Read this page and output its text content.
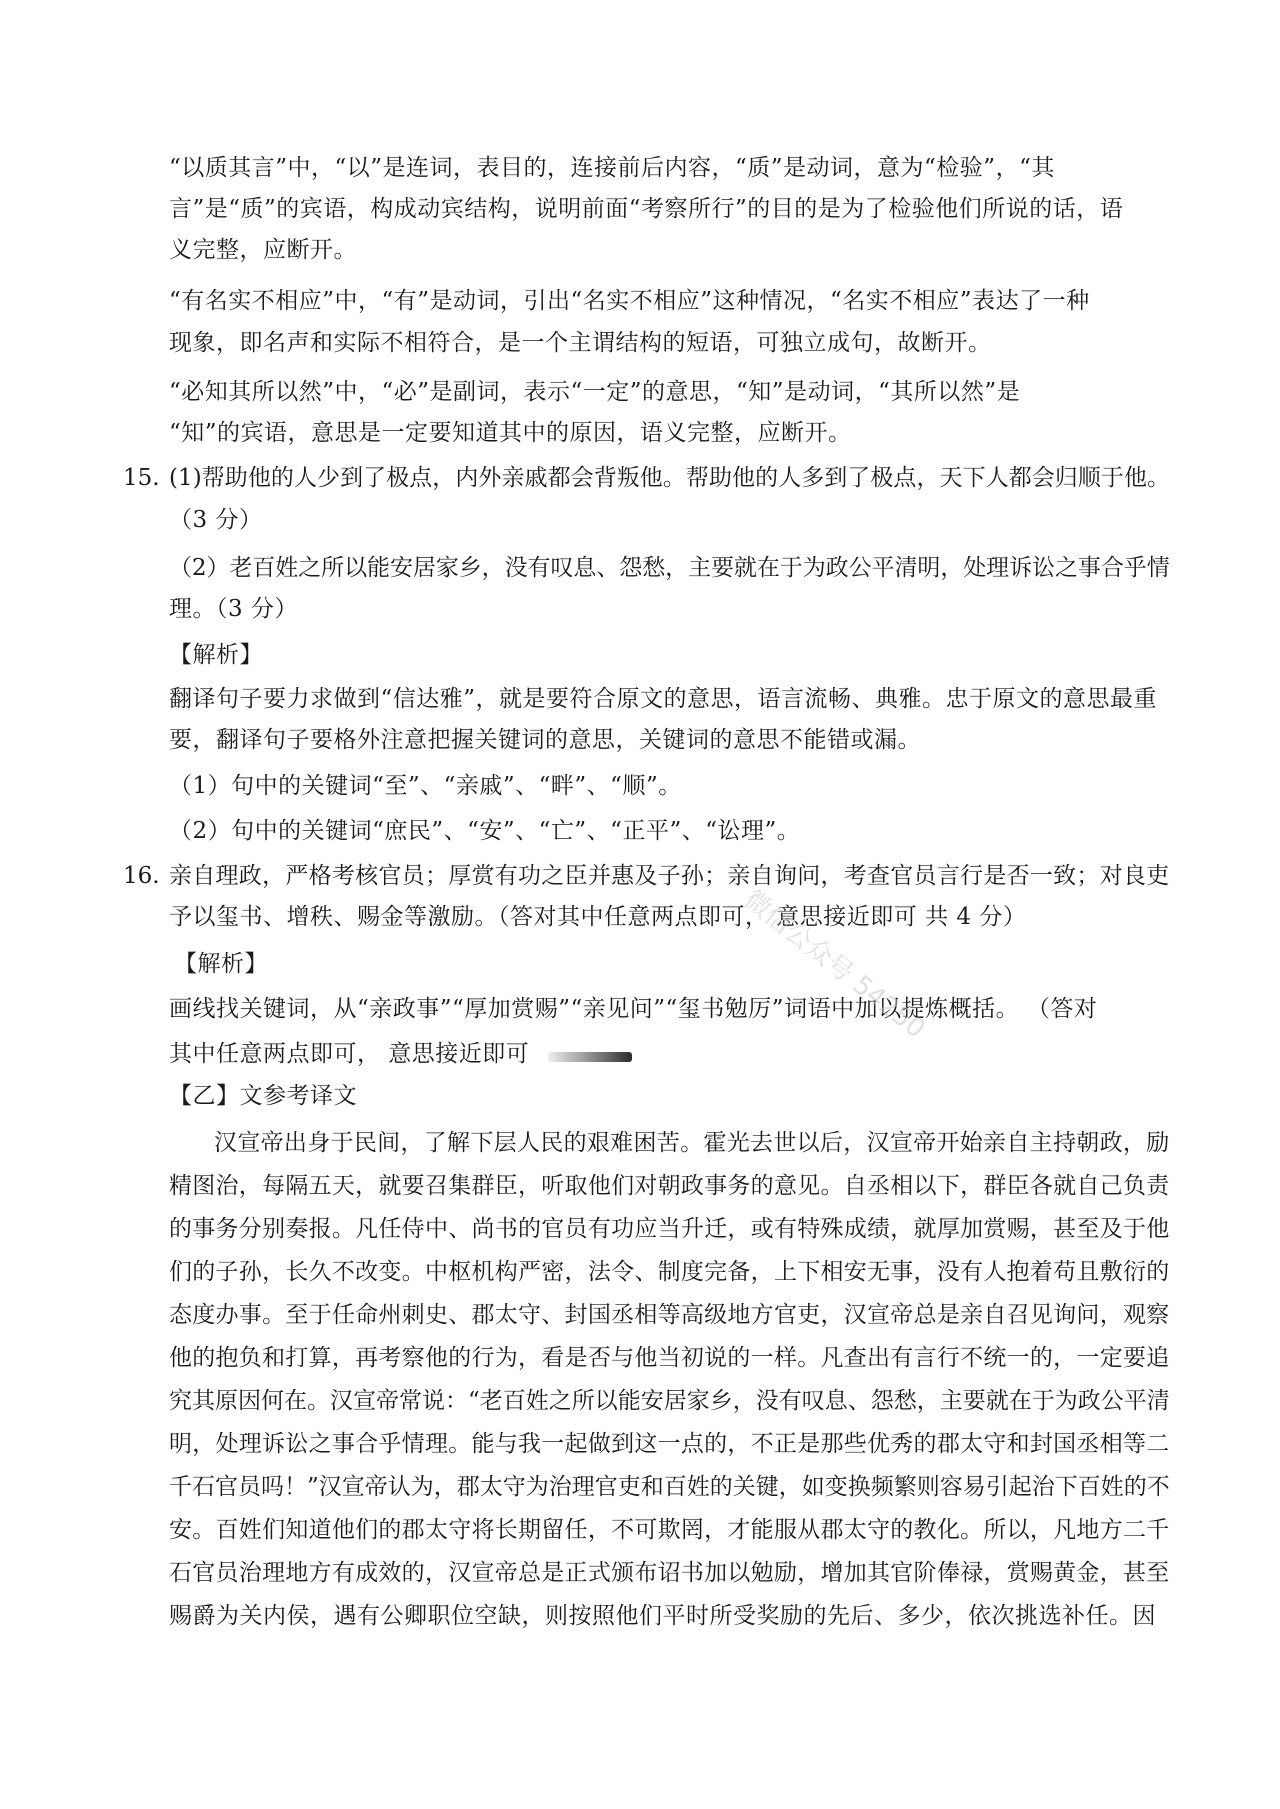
“以质其言”中，“以”是连词，表目的，连接前后内容，“质”是动词，意为“检验”，“其
言”是“质”的宾语，构成动宾结构，说明前面“考察所行”的目的是为了检验他们所说的话，语
义完整，应断开。
“有名实不相应”中，“有”是动词，引出“名实不相应”这种情况，“名实不相应”表达了一种
现象，即名声和实际不相符合，是一个主谓结构的短语，可独立成句，故断开。
“必知其所以然”中，“必”是副词，表示“一定”的意思，“知”是动词，“其所以然”是
“知”的宾语，意思是一定要知道其中的原因，语义完整，应断开。
15. (1)帮助他的人少到了极点，内外亲戚都会背叛他。帮助他的人多到了极点，天下人都会归顺于他。
（3 分）
（2）老百姓之所以能安居家乡，没有叹息、怨愁，主要就在于为政公平清明，处理诉讼之事合乎情
理。（3 分）
【解析】
翻译句子要力求做到“信达雅”，就是要符合原文的意思，语言流畅、典雅。忠于原文的意思最重
要，翻译句子要格外注意把握关键词的意思，关键词的意思不能错或漏。
（1）句中的关键词“至”、“亲戚”、“畔”、“顺”。
（2）句中的关键词“庶民”、“安”、“亡”、“正平”、“讼理”。
16. 亲自理政，严格考核官员；厚赏有功之臣并惠及子孙；亲自询问，考查官员言行是否一致；对良吏
予以玺书、增秩、赐金等激励。（答对其中任意两点即可， 意思接近即可 共 4 分）
【解析】
画线找关键词，从“亲政事”“厚加赏赐”“亲见问”“玺书勉厉”词语中加以提炼概括。 （答对
其中任意两点即可， 意思接近即可
【乙】文参考译文
汉宣帝出身于民间，了解下层人民的艰难困苦。霍光去世以后，汉宣帝开始亲自主持朝政，励
精图治，每隔五天，就要召集群臣，听取他们对朝政事务的意见。自丞相以下，群臣各就自己负责
的事务分别奏报。凡任侍中、尚书的官员有功应当升迁，或有特殊成绩，就厚加赏赐，甚至及于他
们的子孙，长久不改变。中枢机构严密，法令、制度完备，上下相安无事，没有人抱着苟且敷衍的
态度办事。至于任命州刺史、郡太守、封国丞相等高级地方官吏，汉宣帝总是亲自召见询问，观察
他的抱负和打算，再考察他的行为，看是否与他当初说的一样。凡查出有言行不统一的，一定要追
究其原因何在。汉宣帝常说：“老百姓之所以能安居家乡，没有叹息、怨愁，主要就在于为政公平清
明，处理诉讼之事合乎情理。能与我一起做到这一点的，不正是那些优秀的郡太守和封国丞相等二
千石官员吗！”汉宣帝认为，郡太守为治理官吏和百姓的关键，如变换频繁则容易引起治下百姓的不
安。百姓们知道他们的郡太守将长期留任，不可欺罔，才能服从郡太守的教化。所以，凡地方二千
石官员治理地方有成效的，汉宣帝总是正式颁布诏书加以勉励，增加其官阶俸禄，赏赐黄金，甚至
赐爵为关内侯，遇有公卿职位空缺，则按照他们平时所受奖励的先后、多少，依次挑选补任。因
微信公众号 54250
